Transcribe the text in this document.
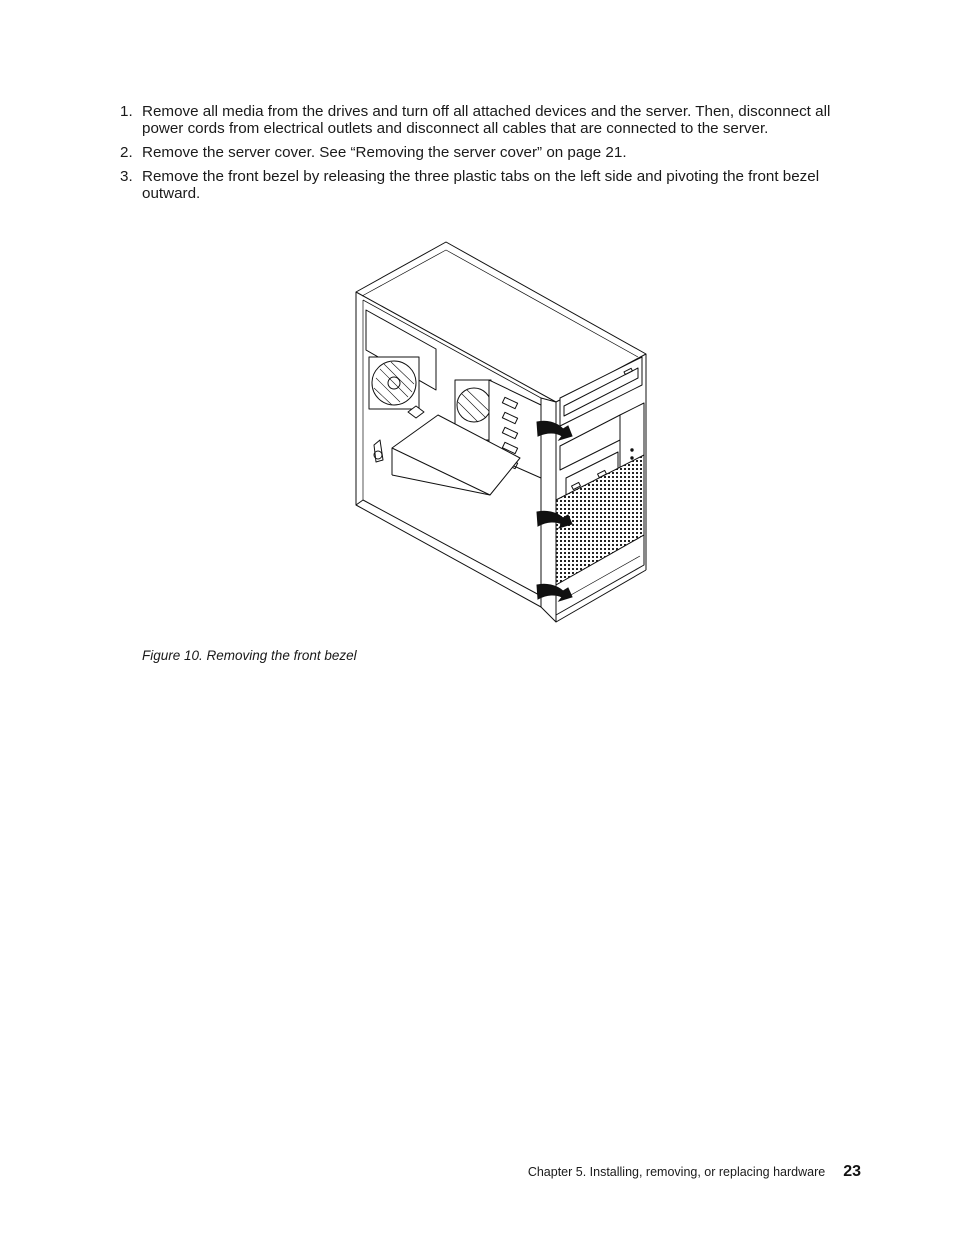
1. Remove all media from the drives and turn off all attached devices and the server. Then, disconnect all power cords from electrical outlets and disconnect all cables that are connected to the server.
2. Remove the server cover. See “Removing the server cover” on page 21.
3. Remove the front bezel by releasing the three plastic tabs on the left side and pivoting the front bezel outward.
Figure 10. Removing the front bezel
Chapter 5. Installing, removing, or replacing hardware 23
